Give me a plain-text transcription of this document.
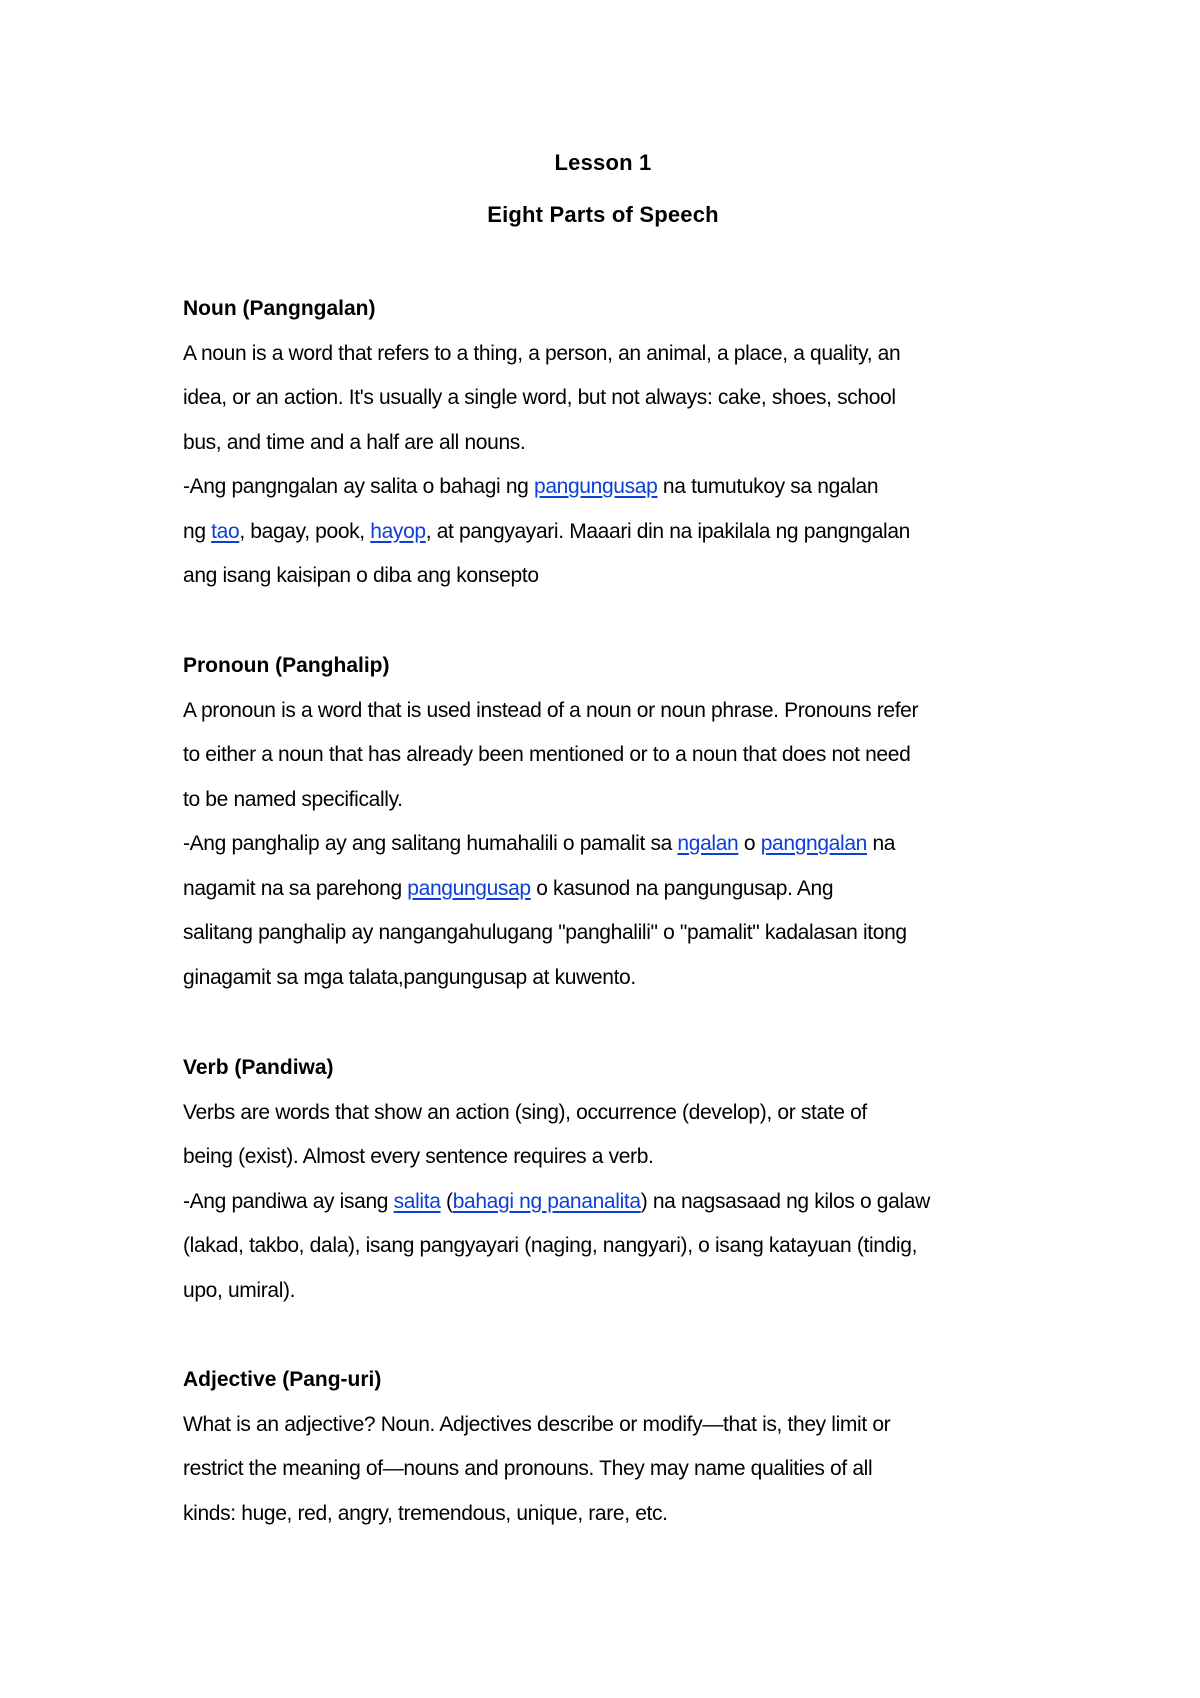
Lesson 1
Eight Parts of Speech
Noun (Pangngalan)
A noun is a word that refers to a thing, a person, an animal, a place, a quality, an
idea, or an action. It's usually a single word, but not always: cake, shoes, school
bus, and time and a half are all nouns.
-Ang pangngalan ay salita o bahagi ng pangungusap na tumutukoy sa ngalan
ng tao, bagay, pook, hayop, at pangyayari. Maaari din na ipakilala ng pangngalan
ang isang kaisipan o diba ang konsepto
Pronoun (Panghalip)
A pronoun is a word that is used instead of a noun or noun phrase. Pronouns refer
to either a noun that has already been mentioned or to a noun that does not need
to be named specifically.
-Ang panghalip ay ang salitang humahalili o pamalit sa ngalan o pangngalan na
nagamit na sa parehong pangungusap o kasunod na pangungusap. Ang
salitang panghalip ay nangangahulugang "panghalili" o "pamalit" kadalasan itong
ginagamit sa mga talata,pangungusap at kuwento.
Verb (Pandiwa)
Verbs are words that show an action (sing), occurrence (develop), or state of
being (exist). Almost every sentence requires a verb.
-Ang pandiwa ay isang salita (bahagi ng pananalita) na nagsasaad ng kilos o galaw
(lakad, takbo, dala), isang pangyayari (naging, nangyari), o isang katayuan (tindig,
upo, umiral).
Adjective (Pang-uri)
What is an adjective? Noun. Adjectives describe or modify—that is, they limit or
restrict the meaning of—nouns and pronouns. They may name qualities of all
kinds: huge, red, angry, tremendous, unique, rare, etc.
